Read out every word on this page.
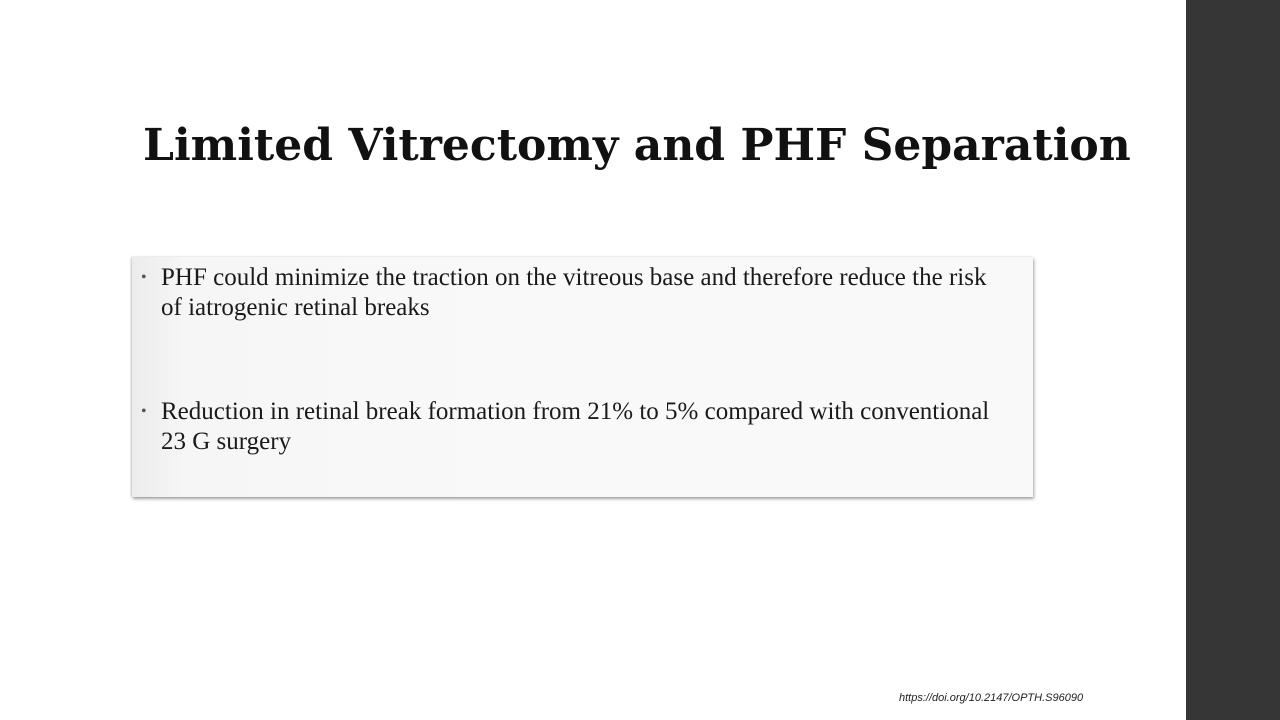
Limited Vitrectomy and PHF Separation
• PHF could minimize the traction on the vitreous base and therefore reduce the risk of iatrogenic retinal breaks
• Reduction in retinal break formation from 21% to 5% compared with conventional 23 G surgery
https://doi.org/10.2147/OPTH.S96090
